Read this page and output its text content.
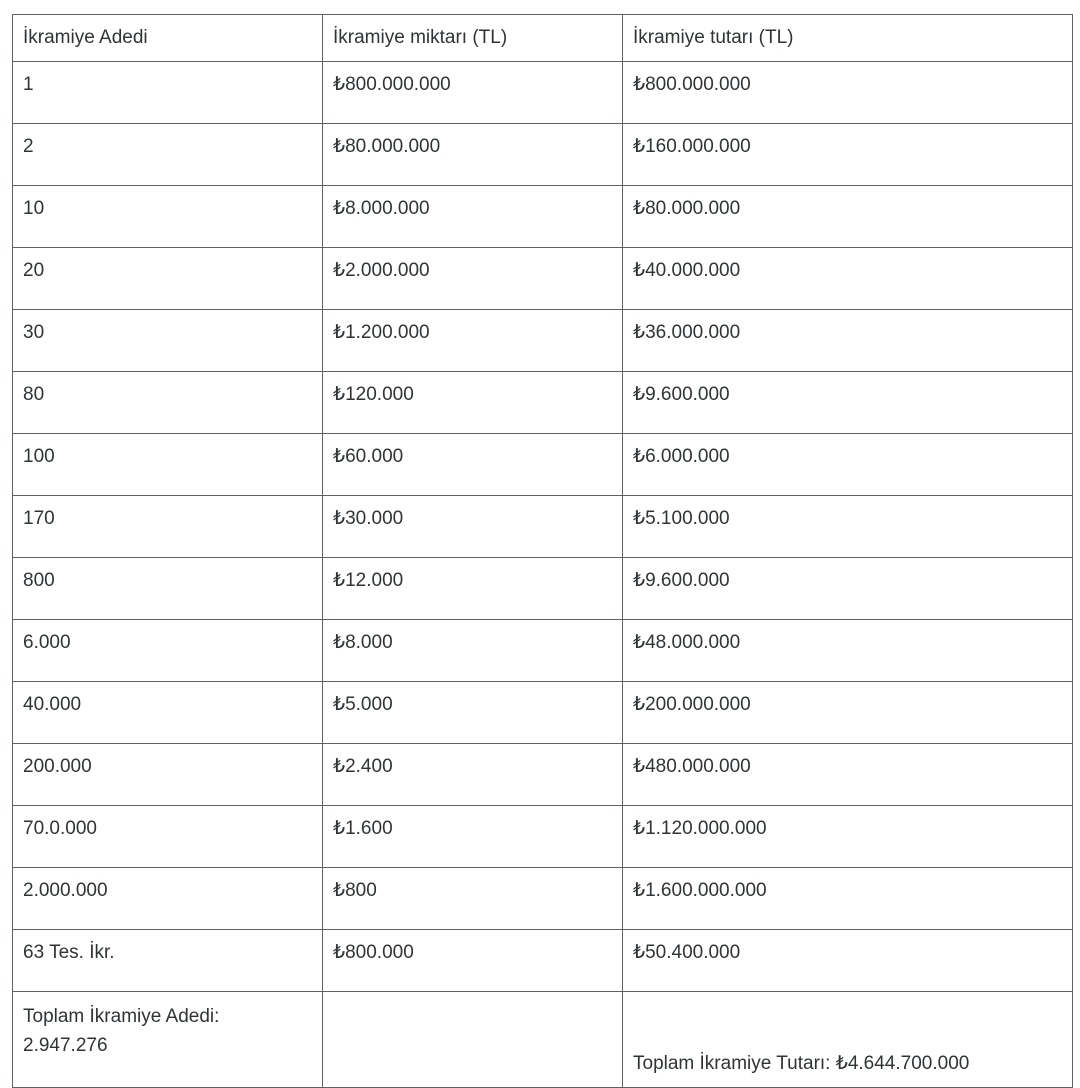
İkramiye Adedi	İkramiye miktarı (TL)	İkramiye tutarı (TL)
1	₺800.000.000	₺800.000.000
2	₺80.000.000	₺160.000.000
10	₺8.000.000	₺80.000.000
20	₺2.000.000	₺40.000.000
30	₺1.200.000	₺36.000.000
80	₺120.000	₺9.600.000
100	₺60.000	₺6.000.000
170	₺30.000	₺5.100.000
800	₺12.000	₺9.600.000
6.000	₺8.000	₺48.000.000
40.000	₺5.000	₺200.000.000
200.000	₺2.400	₺480.000.000
70.0.000	₺1.600	₺1.120.000.000
2.000.000	₺800	₺1.600.000.000
63 Tes. İkr.	₺800.000	₺50.400.000

Toplam İkramiye Adedi:
2.947.276		Toplam İkramiye Tutarı: ₺4.644.700.000
